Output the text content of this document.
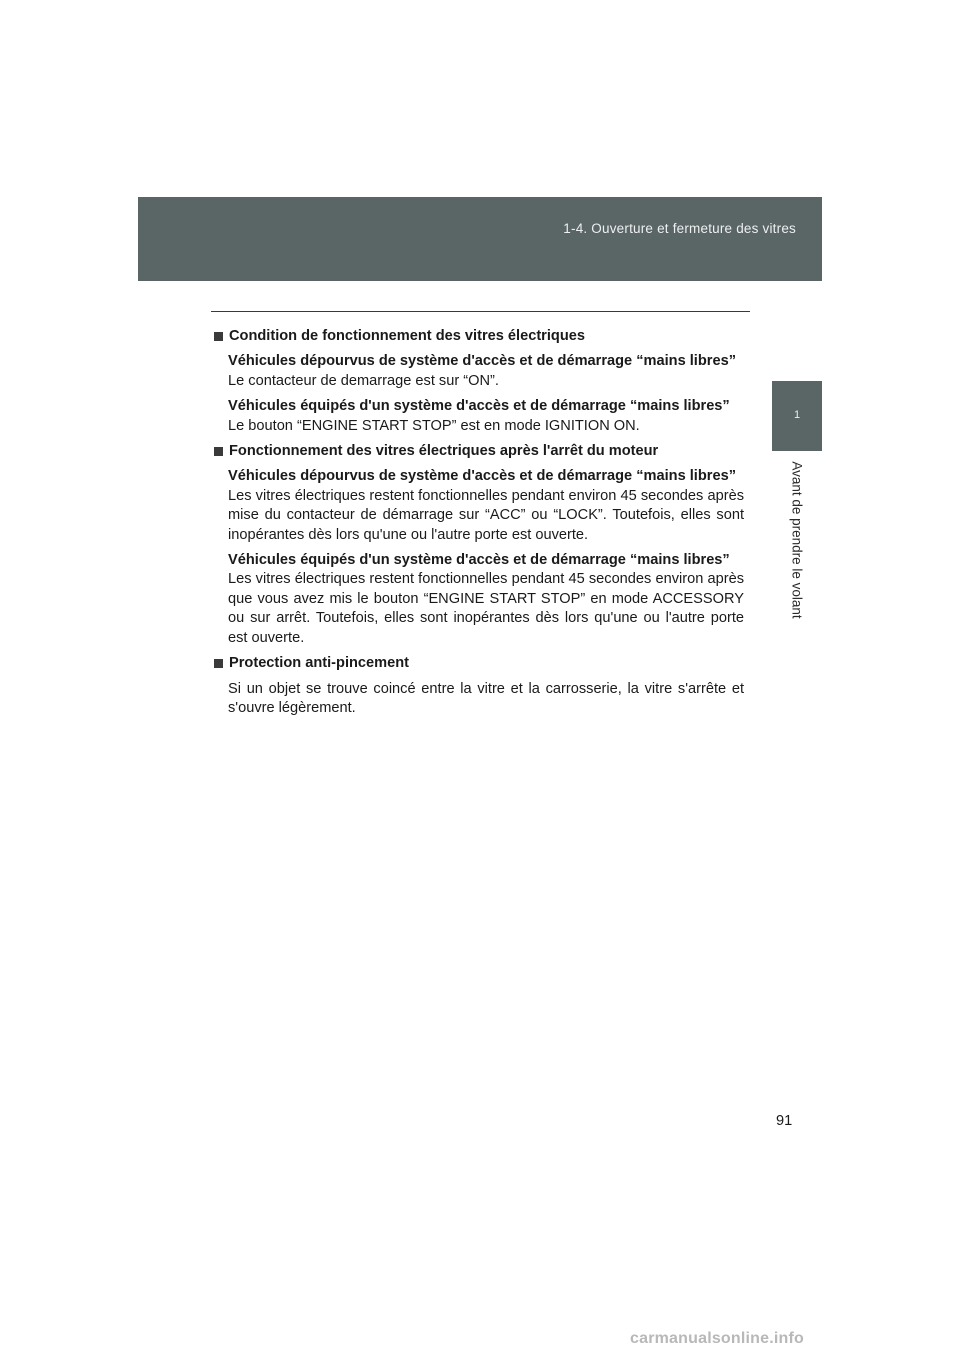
1-4. Ouverture et fermeture des vitres
1
Avant de prendre le volant
Condition de fonctionnement des vitres électriques
Véhicules dépourvus de système d'accès et de démarrage “mains libres”
Le contacteur de demarrage est sur “ON”.
Véhicules équipés d'un système d'accès et de démarrage “mains libres”
Le bouton “ENGINE START STOP” est en mode IGNITION ON.
Fonctionnement des vitres électriques après l'arrêt du moteur
Véhicules dépourvus de système d'accès et de démarrage “mains libres”
Les vitres électriques restent fonctionnelles pendant environ 45 secondes après mise du contacteur de démarrage sur “ACC” ou “LOCK”. Toutefois, elles sont inopérantes dès lors qu'une ou l'autre porte est ouverte.
Véhicules équipés d'un système d'accès et de démarrage “mains libres”
Les vitres électriques restent fonctionnelles pendant 45 secondes environ après que vous avez mis le bouton “ENGINE START STOP” en mode ACCESSORY ou sur arrêt. Toutefois, elles sont inopérantes dès lors qu'une ou l'autre porte est ouverte.
Protection anti-pincement
Si un objet se trouve coincé entre la vitre et la carrosserie, la vitre s'arrête et s'ouvre légèrement.
91
carmanualsonline.info
